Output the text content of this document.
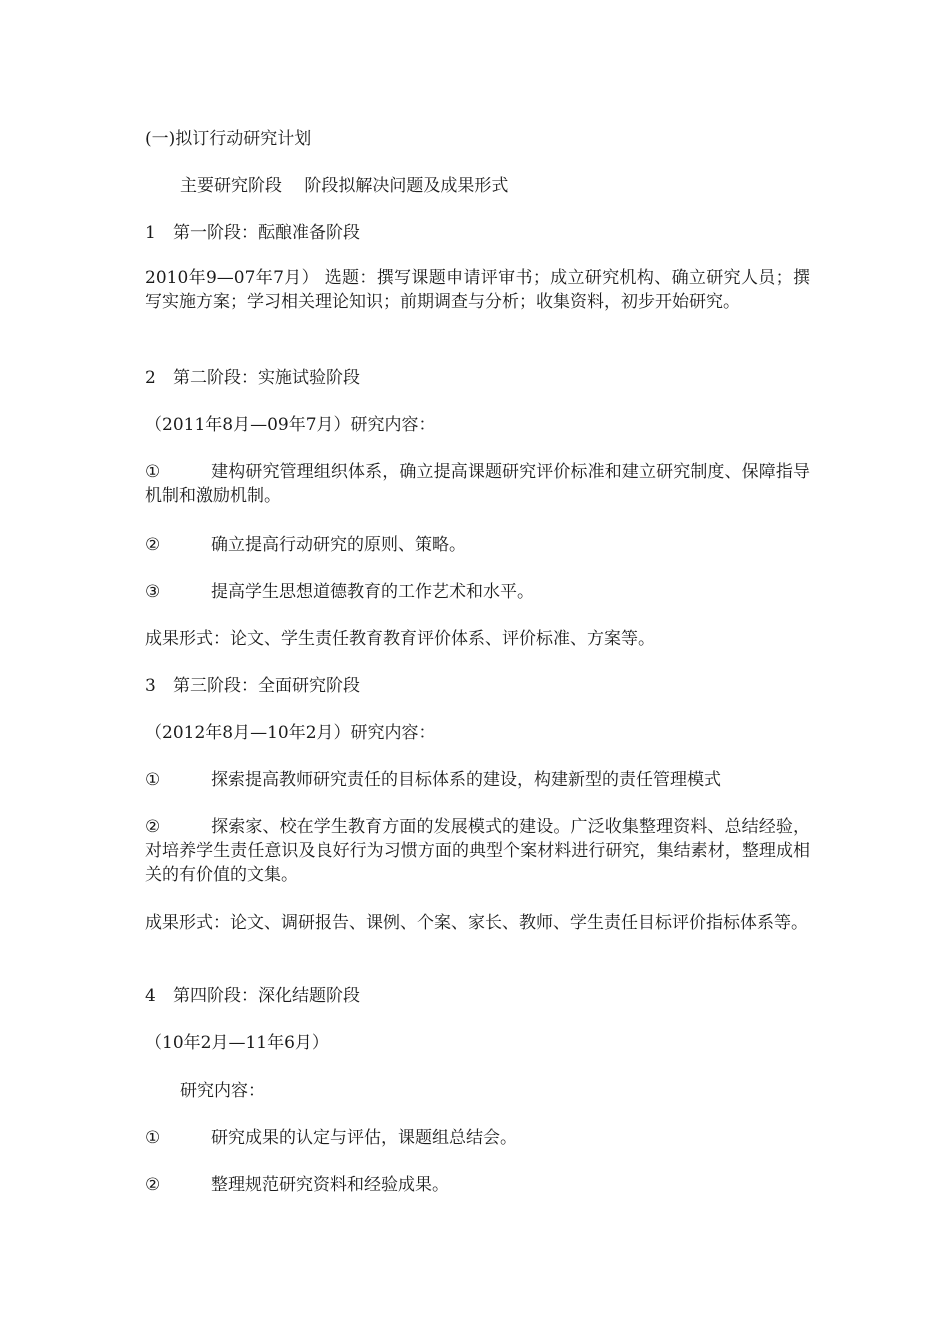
(一)拟订行动研究计划
主要研究阶段　 阶段拟解决问题及成果形式
1 第一阶段：酝酿准备阶段
2010年9—07年7月） 选题：撰写课题申请评审书；成立研究机构、确立研究人员；撰写实施方案；学习相关理论知识；前期调查与分析；收集资料，初步开始研究。
2 第二阶段：实施试验阶段
（2011年8月—09年7月）研究内容：
①	建构研究管理组织体系，确立提高课题研究评价标准和建立研究制度、保障指导机制和激励机制。
②	确立提高行动研究的原则、策略。
③	提高学生思想道德教育的工作艺术和水平。
成果形式：论文、学生责任教育教育评价体系、评价标准、方案等。
3 第三阶段：全面研究阶段
（2012年8月—10年2月）研究内容：
①	探索提高教师研究责任的目标体系的建设，构建新型的责任管理模式
②	探索家、校在学生教育方面的发展模式的建设。广泛收集整理资料、总结经验，对培养学生责任意识及良好行为习惯方面的典型个案材料进行研究，集结素材，整理成相关的有价值的文集。
成果形式：论文、调研报告、课例、个案、家长、教师、学生责任目标评价指标体系等。
4 第四阶段：深化结题阶段
（10年2月—11年6月）
研究内容：
①	研究成果的认定与评估，课题组总结会。
②	整理规范研究资料和经验成果。
